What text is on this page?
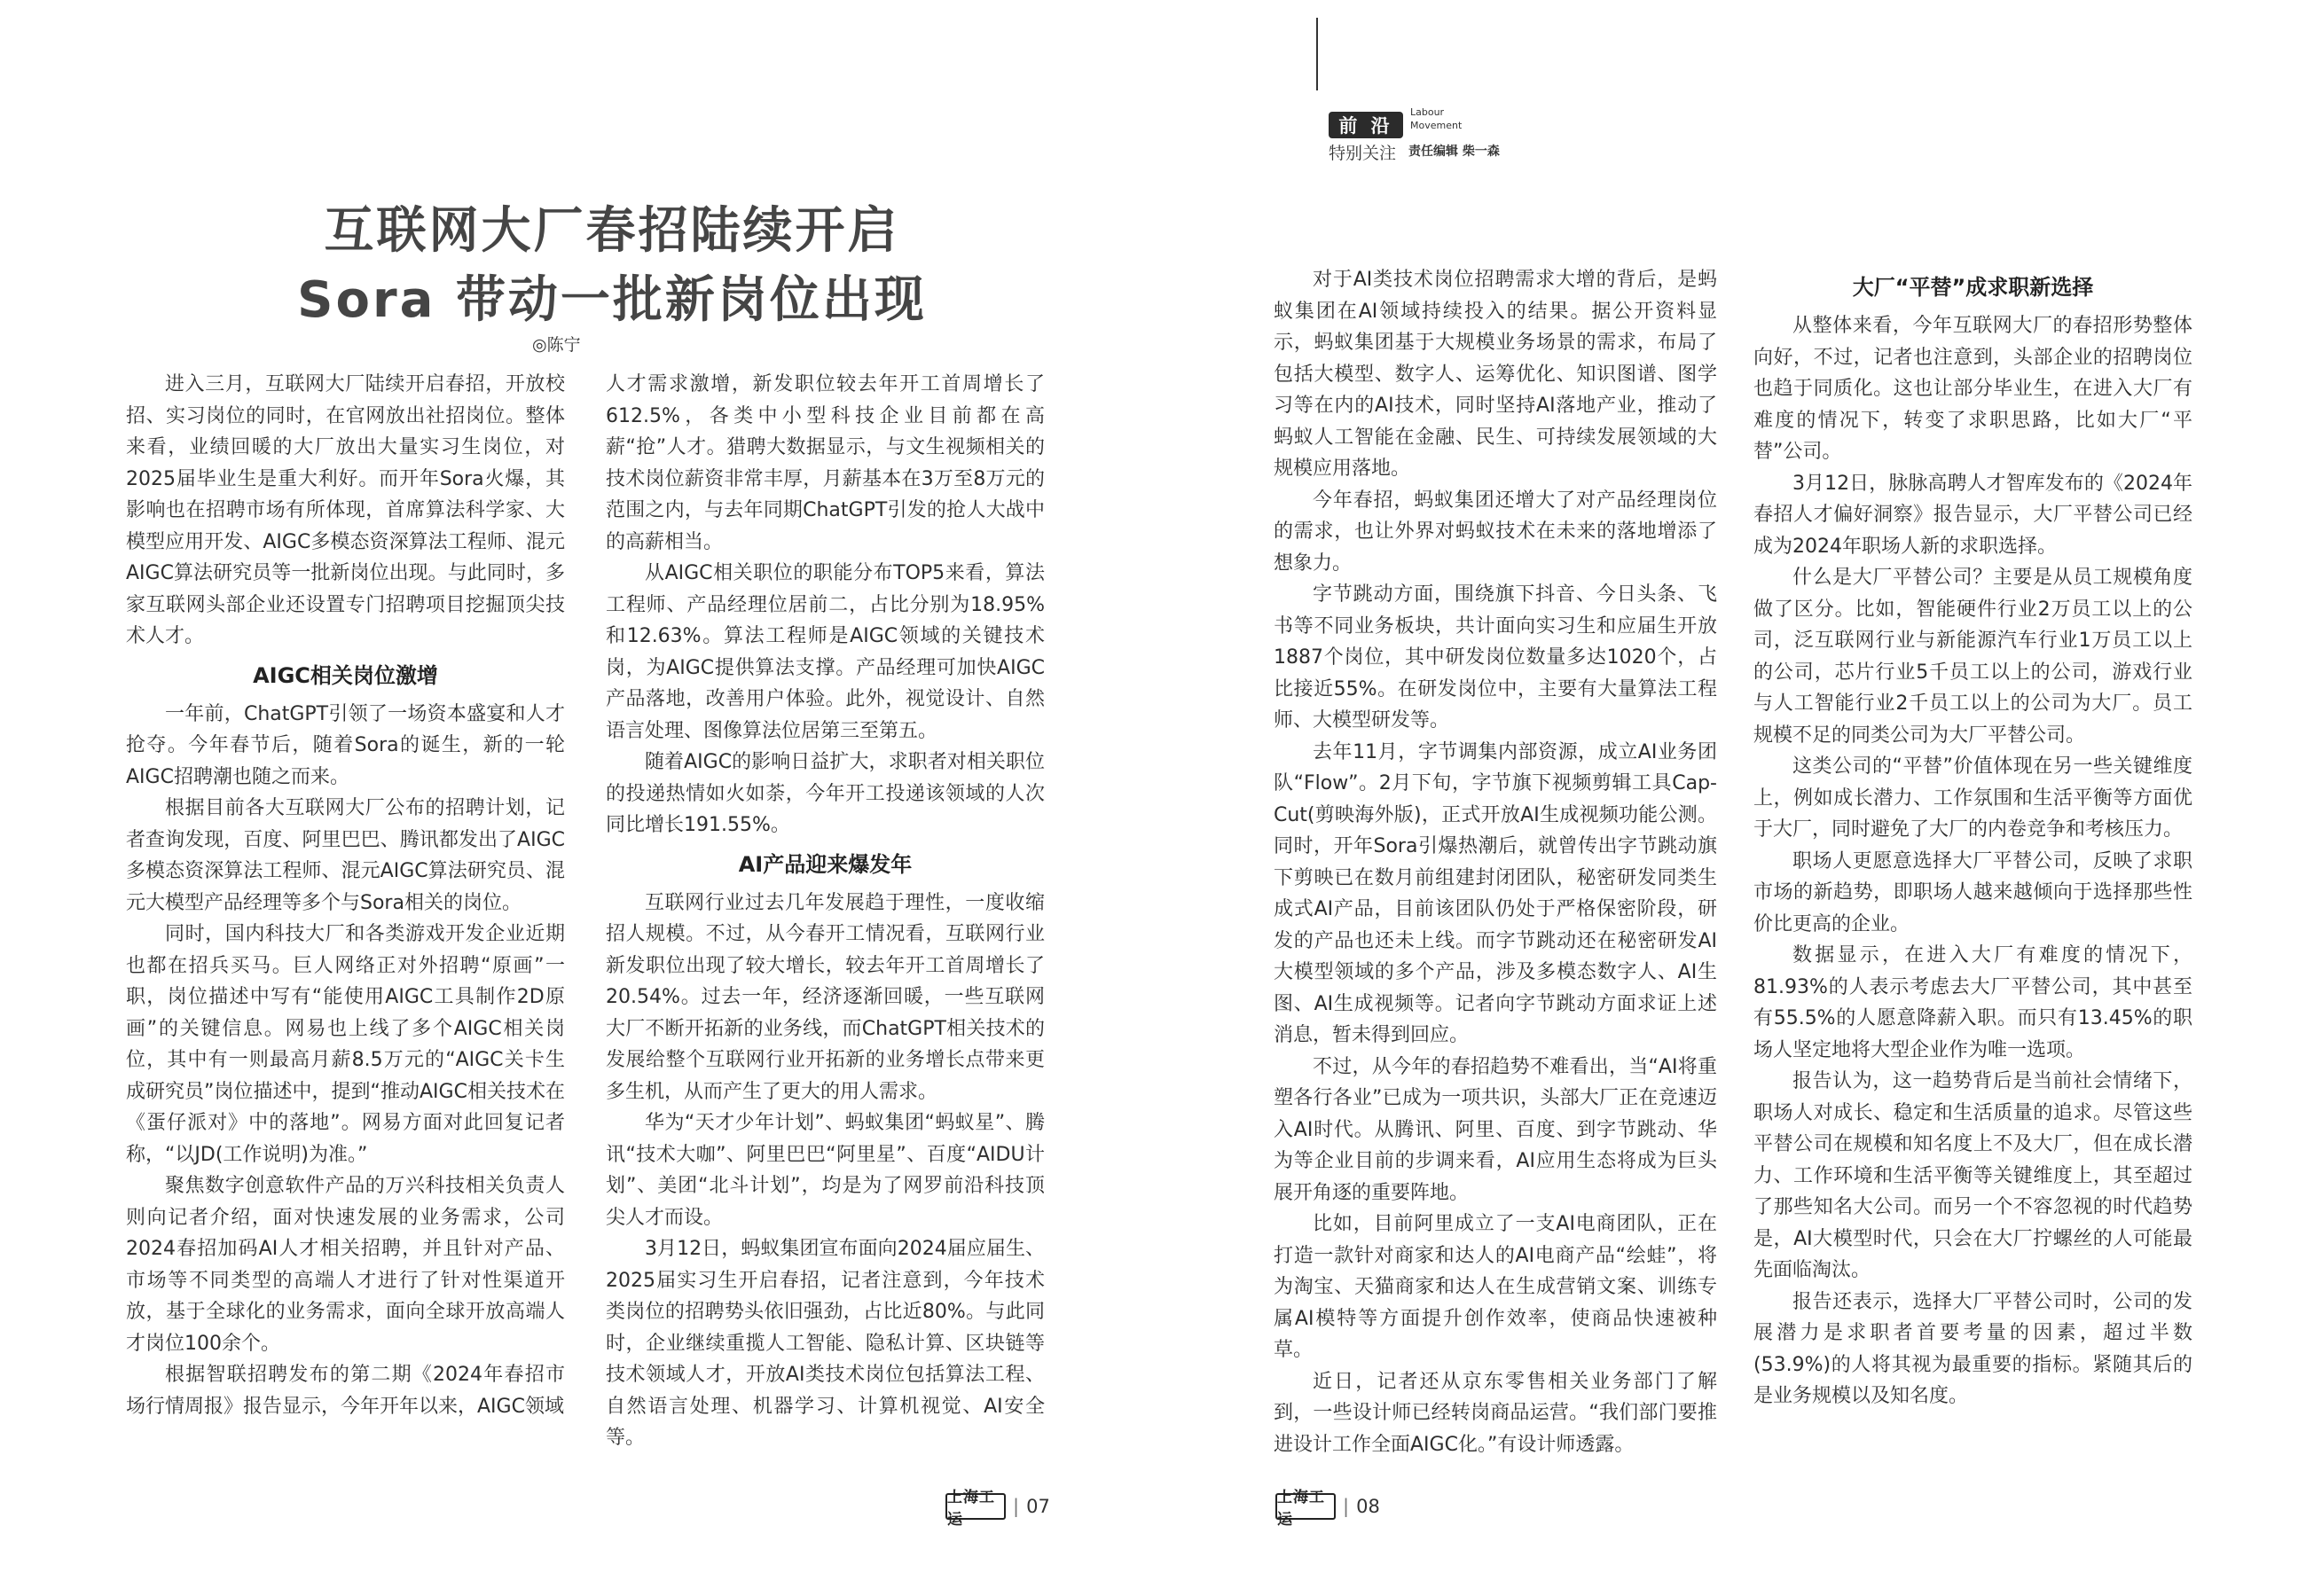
互联网大厂春招陆续开启
Sora 带动一批新岗位出现
◎陈宁

进入三月，互联网大厂陆续开启春招，开放校招、实习岗位的同时，在官网放出社招岗位。整体来看，业绩回暖的大厂放出大量实习生岗位，对2025届毕业生是重大利好。而开年Sora火爆，其影响也在招聘市场有所体现，首席算法科学家、大模型应用开发、AIGC多模态资深算法工程师、混元AIGC算法研究员等一批新岗位出现。与此同时，多家互联网头部企业还设置专门招聘项目挖掘顶尖技术人才。

AIGC相关岗位激增

一年前，ChatGPT引领了一场资本盛宴和人才抢夺。今年春节后，随着Sora的诞生，新的一轮AIGC招聘潮也随之而来。

根据目前各大互联网大厂公布的招聘计划，记者查询发现，百度、阿里巴巴、腾讯都发出了AIGC多模态资深算法工程师、混元AIGC算法研究员、混元大模型产品经理等多个与Sora相关的岗位。

同时，国内科技大厂和各类游戏开发企业近期也都在招兵买马。巨人网络正对外招聘“原画”一职，岗位描述中写有“能使用AIGC工具制作2D原画”的关键信息。网易也上线了多个AIGC相关岗位，其中有一则最高月薪8.5万元的“AIGC关卡生成研究员”岗位描述中，提到“推动AIGC相关技术在《蛋仔派对》中的落地”。网易方面对此回复记者称，“以JD(工作说明)为准。”

聚焦数字创意软件产品的万兴科技相关负责人则向记者介绍，面对快速发展的业务需求，公司2024春招加码AI人才相关招聘，并且针对产品、市场等不同类型的高端人才进行了针对性渠道开放，基于全球化的业务需求，面向全球开放高端人才岗位100余个。

根据智联招聘发布的第二期《2024年春招市场行情周报》报告显示，今年开年以来，AIGC领域

人才需求激增，新发职位较去年开工首周增长了612.5%，各类中小型科技企业目前都在高薪“抢”人才。猎聘大数据显示，与文生视频相关的技术岗位薪资非常丰厚，月薪基本在3万至8万元的范围之内，与去年同期ChatGPT引发的抢人大战中的高薪相当。

从AIGC相关职位的职能分布TOP5来看，算法工程师、产品经理位居前二，占比分别为18.95%和12.63%。算法工程师是AIGC领域的关键技术岗，为AIGC提供算法支撑。产品经理可加快AIGC产品落地，改善用户体验。此外，视觉设计、自然语言处理、图像算法位居第三至第五。

随着AIGC的影响日益扩大，求职者对相关职位的投递热情如火如荼，今年开工投递该领域的人次同比增长191.55%。

AI产品迎来爆发年

互联网行业过去几年发展趋于理性，一度收缩招人规模。不过，从今春开工情况看，互联网行业新发职位出现了较大增长，较去年开工首周增长了20.54%。过去一年，经济逐渐回暖，一些互联网大厂不断开拓新的业务线，而ChatGPT相关技术的发展给整个互联网行业开拓新的业务增长点带来更多生机，从而产生了更大的用人需求。

华为“天才少年计划”、蚂蚁集团“蚂蚁星”、腾讯“技术大咖”、阿里巴巴“阿里星”、百度“AIDU计划”、美团“北斗计划”，均是为了网罗前沿科技顶尖人才而设。

3月12日，蚂蚁集团宣布面向2024届应届生、2025届实习生开启春招，记者注意到，今年技术类岗位的招聘势头依旧强劲，占比近80%。与此同时，企业继续重揽人工智能、隐私计算、区块链等技术领域人才，开放AI类技术岗位包括算法工程、自然语言处理、机器学习、计算机视觉、AI安全等。

上海工运
| 07
前 沿
Labour
Movement
特别关注 责任编辑 柴一森

对于AI类技术岗位招聘需求大增的背后，是蚂蚁集团在AI领域持续投入的结果。据公开资料显示，蚂蚁集团基于大规模业务场景的需求，布局了包括大模型、数字人、运筹优化、知识图谱、图学习等在内的AI技术，同时坚持AI落地产业，推动了蚂蚁人工智能在金融、民生、可持续发展领域的大规模应用落地。

今年春招，蚂蚁集团还增大了对产品经理岗位的需求，也让外界对蚂蚁技术在未来的落地增添了想象力。

字节跳动方面，围绕旗下抖音、今日头条、飞书等不同业务板块，共计面向实习生和应届生开放1887个岗位，其中研发岗位数量多达1020个，占比接近55%。在研发岗位中，主要有大量算法工程师、大模型研发等。

去年11月，字节调集内部资源，成立AI业务团队“Flow”。2月下旬，字节旗下视频剪辑工具Cap-Cut(剪映海外版)，正式开放AI生成视频功能公测。同时，开年Sora引爆热潮后，就曾传出字节跳动旗下剪映已在数月前组建封闭团队，秘密研发同类生成式AI产品，目前该团队仍处于严格保密阶段，研发的产品也还未上线。而字节跳动还在秘密研发AI大模型领域的多个产品，涉及多模态数字人、AI生图、AI生成视频等。记者向字节跳动方面求证上述消息，暂未得到回应。

不过，从今年的春招趋势不难看出，当“AI将重塑各行各业”已成为一项共识，头部大厂正在竞速迈入AI时代。从腾讯、阿里、百度、到字节跳动、华为等企业目前的步调来看，AI应用生态将成为巨头展开角逐的重要阵地。

比如，目前阿里成立了一支AI电商团队，正在打造一款针对商家和达人的AI电商产品“绘蛙”，将为淘宝、天猫商家和达人在生成营销文案、训练专属AI模特等方面提升创作效率，使商品快速被种草。

近日，记者还从京东零售相关业务部门了解到，一些设计师已经转岗商品运营。“我们部门要推进设计工作全面AIGC化。”有设计师透露。

大厂“平替”成求职新选择

从整体来看，今年互联网大厂的春招形势整体向好，不过，记者也注意到，头部企业的招聘岗位也趋于同质化。这也让部分毕业生，在进入大厂有难度的情况下，转变了求职思路，比如大厂“平替”公司。

3月12日，脉脉高聘人才智库发布的《2024年春招人才偏好洞察》报告显示，大厂平替公司已经成为2024年职场人新的求职选择。

什么是大厂平替公司？主要是从员工规模角度做了区分。比如，智能硬件行业2万员工以上的公司，泛互联网行业与新能源汽车行业1万员工以上的公司，芯片行业5千员工以上的公司，游戏行业与人工智能行业2千员工以上的公司为大厂。员工规模不足的同类公司为大厂平替公司。

这类公司的“平替”价值体现在另一些关键维度上，例如成长潜力、工作氛围和生活平衡等方面优于大厂，同时避免了大厂的内卷竞争和考核压力。

职场人更愿意选择大厂平替公司，反映了求职市场的新趋势，即职场人越来越倾向于选择那些性价比更高的企业。

数据显示，在进入大厂有难度的情况下，81.93%的人表示考虑去大厂平替公司，其中甚至有55.5%的人愿意降薪入职。而只有13.45%的职场人坚定地将大型企业作为唯一选项。

报告认为，这一趋势背后是当前社会情绪下，职场人对成长、稳定和生活质量的追求。尽管这些平替公司在规模和知名度上不及大厂，但在成长潜力、工作环境和生活平衡等关键维度上，其至超过了那些知名大公司。而另一个不容忽视的时代趋势是，AI大模型时代，只会在大厂拧螺丝的人可能最先面临淘汰。

报告还表示，选择大厂平替公司时，公司的发展潜力是求职者首要考量的因素，超过半数(53.9%)的人将其视为最重要的指标。紧随其后的是业务规模以及知名度。

上海工运
| 08
